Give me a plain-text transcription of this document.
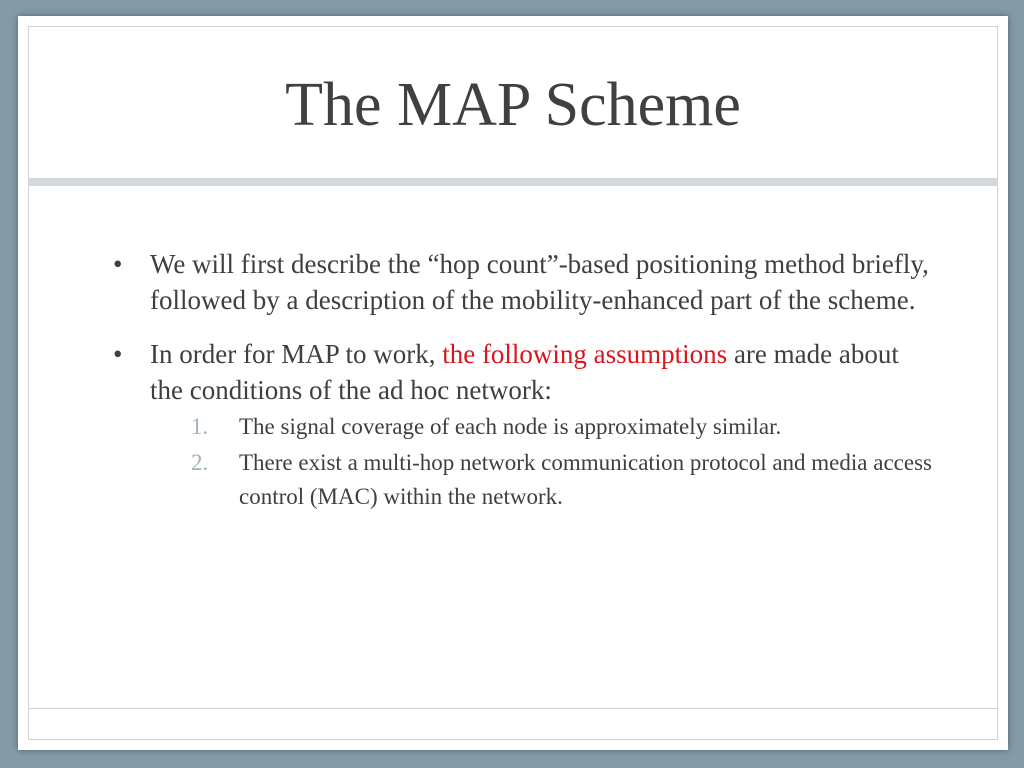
The MAP Scheme
•	We will first describe the “hop count”-based positioning method briefly, followed by a description of the mobility-enhanced part of the scheme.
•	In order for MAP to work, the following assumptions are made about the conditions of the ad hoc network:
1. The signal coverage of each node is approximately similar.
2. There exist a multi-hop network communication protocol and media access control (MAC) within the network.
